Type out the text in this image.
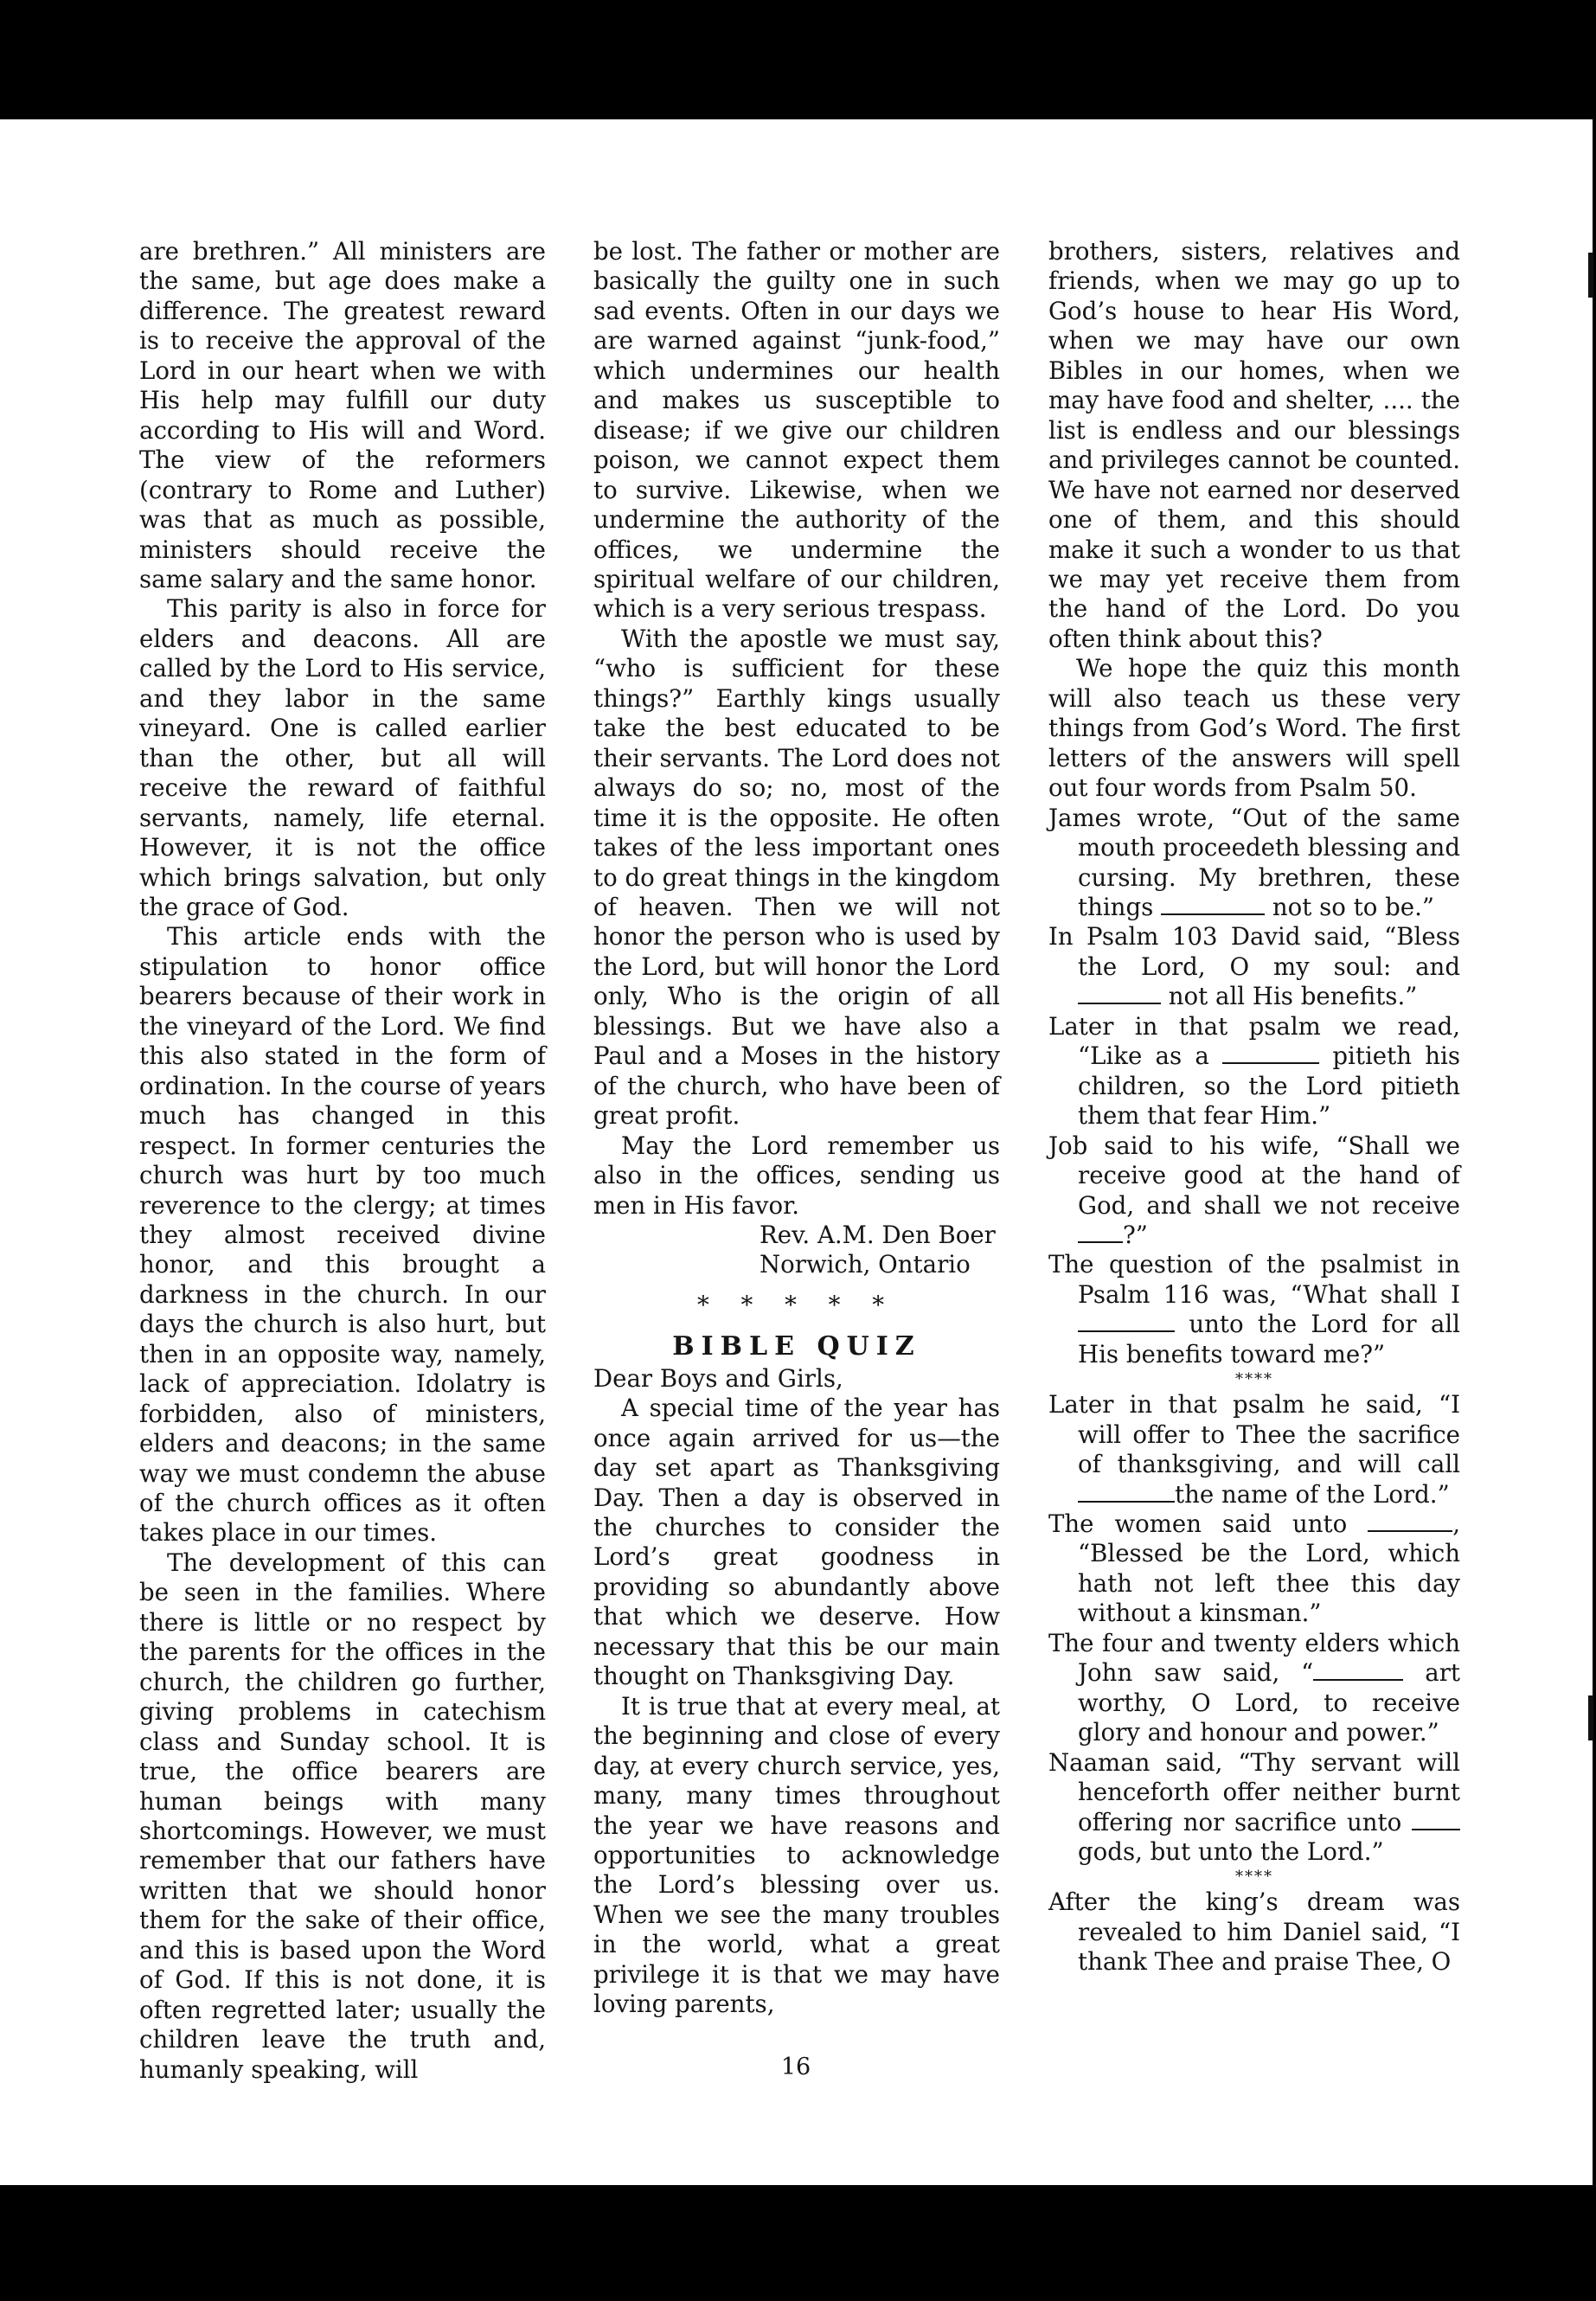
are brethren.” All ministers are the same, but age does make a difference. The greatest reward is to receive the approval of the Lord in our heart when we with His help may fulfill our duty according to His will and Word. The view of the reformers (contrary to Rome and Luther) was that as much as possible, ministers should receive the same salary and the same honor.

This parity is also in force for elders and deacons. All are called by the Lord to His service, and they labor in the same vineyard. One is called earlier than the other, but all will receive the reward of faithful servants, namely, life eternal. However, it is not the office which brings salvation, but only the grace of God.

This article ends with the stipulation to honor office bearers because of their work in the vineyard of the Lord. We find this also stated in the form of ordination. In the course of years much has changed in this respect. In former centuries the church was hurt by too much reverence to the clergy; at times they almost received divine honor, and this brought a darkness in the church. In our days the church is also hurt, but then in an opposite way, namely, lack of appreciation. Idolatry is forbidden, also of ministers, elders and deacons; in the same way we must condemn the abuse of the church offices as it often takes place in our times.

The development of this can be seen in the families. Where there is little or no respect by the parents for the offices in the church, the children go further, giving problems in catechism class and Sunday school. It is true, the office bearers are human beings with many shortcomings. However, we must remember that our fathers have written that we should honor them for the sake of their office, and this is based upon the Word of God. If this is not done, it is often regretted later; usually the children leave the truth and, humanly speaking, will

be lost. The father or mother are basically the guilty one in such sad events. Often in our days we are warned against “junk-food,” which undermines our health and makes us susceptible to disease; if we give our children poison, we cannot expect them to survive. Likewise, when we undermine the authority of the offices, we undermine the spiritual welfare of our children, which is a very serious trespass.

With the apostle we must say, “who is sufficient for these things?” Earthly kings usually take the best educated to be their servants. The Lord does not always do so; no, most of the time it is the opposite. He often takes of the less important ones to do great things in the kingdom of heaven. Then we will not honor the person who is used by the Lord, but will honor the Lord only, Who is the origin of all blessings. But we have also a Paul and a Moses in the history of the church, who have been of great profit.

May the Lord remember us also in the offices, sending us men in His favor.

Rev. A.M. Den Boer

Norwich, Ontario

* * * * *

BIBLE QUIZ

Dear Boys and Girls,

A special time of the year has once again arrived for us—the day set apart as Thanksgiving Day. Then a day is observed in the churches to consider the Lord’s great goodness in providing so abundantly above that which we deserve. How necessary that this be our main thought on Thanksgiving Day.

It is true that at every meal, at the beginning and close of every day, at every church service, yes, many, many times throughout the year we have reasons and opportunities to acknowledge the Lord’s blessing over us. When we see the many troubles in the world, what a great privilege it is that we may have loving parents,

brothers, sisters, relatives and friends, when we may go up to God’s house to hear His Word, when we may have our own Bibles in our homes, when we may have food and shelter, .... the list is endless and our blessings and privileges cannot be counted. We have not earned nor deserved one of them, and this should make it such a wonder to us that we may yet receive them from the hand of the Lord. Do you often think about this?

We hope the quiz this month will also teach us these very things from God’s Word. The first letters of the answers will spell out four words from Psalm 50.

James wrote, “Out of the same mouth proceedeth blessing and cursing. My brethren, these things	not so to be.”

In Psalm 103 David said, “Bless the Lord, O my soul: and  not all His benefits.”

Later in that psalm we read, “Like as a	pitieth his children, so the Lord pitieth them that fear Him.”

Job said to his wife, “Shall we receive good at the hand of God, and shall we not receive ?”

The question of the psalmist in Psalm 116 was, “What shall I  unto the Lord for all His benefits toward me?”

****

Later in that psalm he said, “I will offer to Thee the sacrifice of thanksgiving, and will call the name of the Lord.”

The women said unto	, “Blessed be the Lord, which hath not left thee this day without a kinsman.”

The four and twenty elders which John saw said, “	art worthy, O Lord, to receive glory and honour and power.”

Naaman said, “Thy servant will henceforth offer neither burnt offering nor sacrifice unto  gods, but unto the Lord.”

****

After the king’s dream was revealed to him Daniel said, “I thank Thee and praise Thee, O

16
